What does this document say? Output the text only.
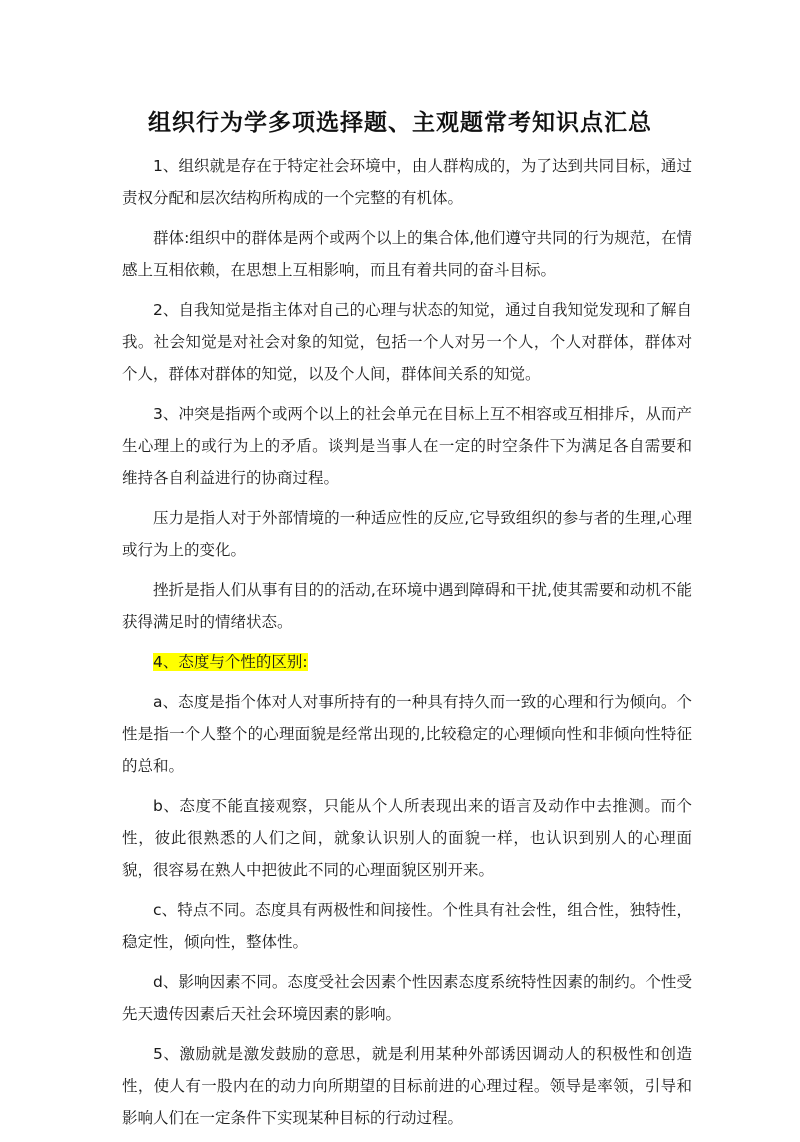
组织行为学多项选择题、主观题常考知识点汇总

1、组织就是存在于特定社会环境中，由人群构成的，为了达到共同目标，通过责权分配和层次结构所构成的一个完整的有机体。

群体:组织中的群体是两个或两个以上的集合体,他们遵守共同的行为规范，在情感上互相依赖，在思想上互相影响，而且有着共同的奋斗目标。

2、自我知觉是指主体对自己的心理与状态的知觉，通过自我知觉发现和了解自我。社会知觉是对社会对象的知觉，包括一个人对另一个人，个人对群体，群体对个人，群体对群体的知觉，以及个人间，群体间关系的知觉。

3、冲突是指两个或两个以上的社会单元在目标上互不相容或互相排斥，从而产生心理上的或行为上的矛盾。谈判是当事人在一定的时空条件下为满足各自需要和维持各自利益进行的协商过程。

压力是指人对于外部情境的一种适应性的反应,它导致组织的参与者的生理,心理或行为上的变化。

挫折是指人们从事有目的的活动,在环境中遇到障碍和干扰,使其需要和动机不能获得满足时的情绪状态。

4、态度与个性的区别:

a、态度是指个体对人对事所持有的一种具有持久而一致的心理和行为倾向。个性是指一个人整个的心理面貌是经常出现的,比较稳定的心理倾向性和非倾向性特征的总和。

b、态度不能直接观察，只能从个人所表现出来的语言及动作中去推测。而个性，彼此很熟悉的人们之间，就象认识别人的面貌一样，也认识到别人的心理面貌，很容易在熟人中把彼此不同的心理面貌区别开来。

c、特点不同。态度具有两极性和间接性。个性具有社会性，组合性，独特性，稳定性，倾向性，整体性。

d、影响因素不同。态度受社会因素个性因素态度系统特性因素的制约。个性受先天遗传因素后天社会环境因素的影响。

5、激励就是激发鼓励的意思，就是利用某种外部诱因调动人的积极性和创造性，使人有一股内在的动力向所期望的目标前进的心理过程。领导是率领，引导和影响人们在一定条件下实现某种目标的行动过程。
